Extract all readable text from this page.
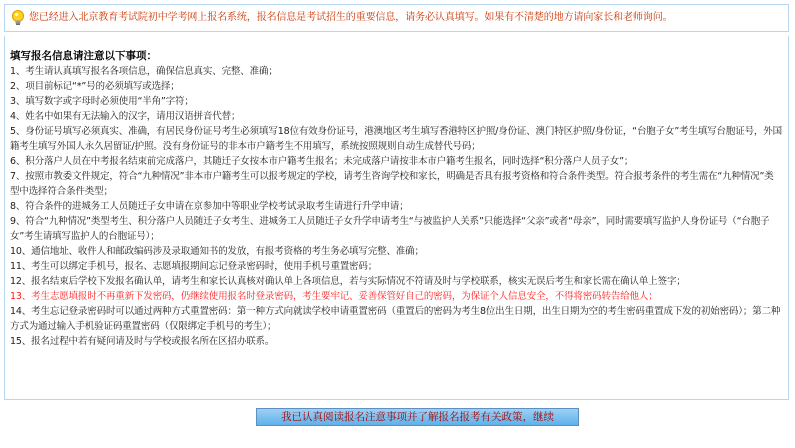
您已经进入北京教育考试院初中学考网上报名系统，报名信息是考试招生的重要信息，请务必认真填写。如果有不清楚的地方请向家长和老师询问。
填写报名信息请注意以下事项：

1、考生请认真填写报名各项信息，确保信息真实、完整、准确；

2、项目前标记“*”号的必须填写或选择；

3、填写数字或字母时必须使用“半角”字符；

4、姓名中如果有无法输入的汉字，请用汉语拼音代替；

5、身份证号填写必须真实、准确，有居民身份证号考生必须填写18位有效身份证号，港澳地区考生填写香港特区护照/身份证、澳门特区护照/身份证，“台胞子女”考生填写台胞证号，外国籍考生填写外国人永久居留证/护照。没有身份证号的非本市户籍考生不用填写，系统按照规则自动生成替代号码；

6、积分落户人员在中考报名结束前完成落户，其随迁子女按本市户籍考生报名；未完成落户请按非本市户籍考生报名，同时选择“积分落户人员子女”；

7、按照市教委文件规定，符合“九种情况”非本市户籍考生可以报考规定的学校，请考生咨询学校和家长，明确是否具有报考资格和符合条件类型。符合报考条件的考生需在“九种情况”类型中选择符合条件类型；

8、符合条件的进城务工人员随迁子女申请在京参加中等职业学校考试录取考生请进行升学申请；

9、符合“九种情况”类型考生、积分落户人员随迁子女考生、进城务工人员随迁子女升学申请考生“与被监护人关系”只能选择“父亲”或者“母亲”，同时需要填写监护人身份证号（“台胞子女”考生请填写监护人的台胞证号）；

10、通信地址、收件人和邮政编码涉及录取通知书的发放，有报考资格的考生务必填写完整、准确；

11、考生可以绑定手机号，报名、志愿填报期间忘记登录密码时，使用手机号重置密码；

12、报名结束后学校下发报名确认单，请考生和家长认真核对确认单上各项信息，若与实际情况不符请及时与学校联系，核实无误后考生和家长需在确认单上签字；

13、考生志愿填报时不再重新下发密码，仍继续使用报名时登录密码，考生要牢记、妥善保管好自己的密码，为保证个人信息安全，不得将密码转告给他人；

14、考生忘记登录密码时可以通过两种方式重置密码：第一种方式向就读学校申请重置密码（重置后的密码为考生8位出生日期，出生日期为空的考生密码重置成下发的初始密码）；第二种方式为通过输入手机验证码重置密码（仅限绑定手机号的考生）；

15、报名过程中若有疑问请及时与学校或报名所在区招办联系。

我已认真阅读报名注意事项并了解报名报考有关政策，继续
